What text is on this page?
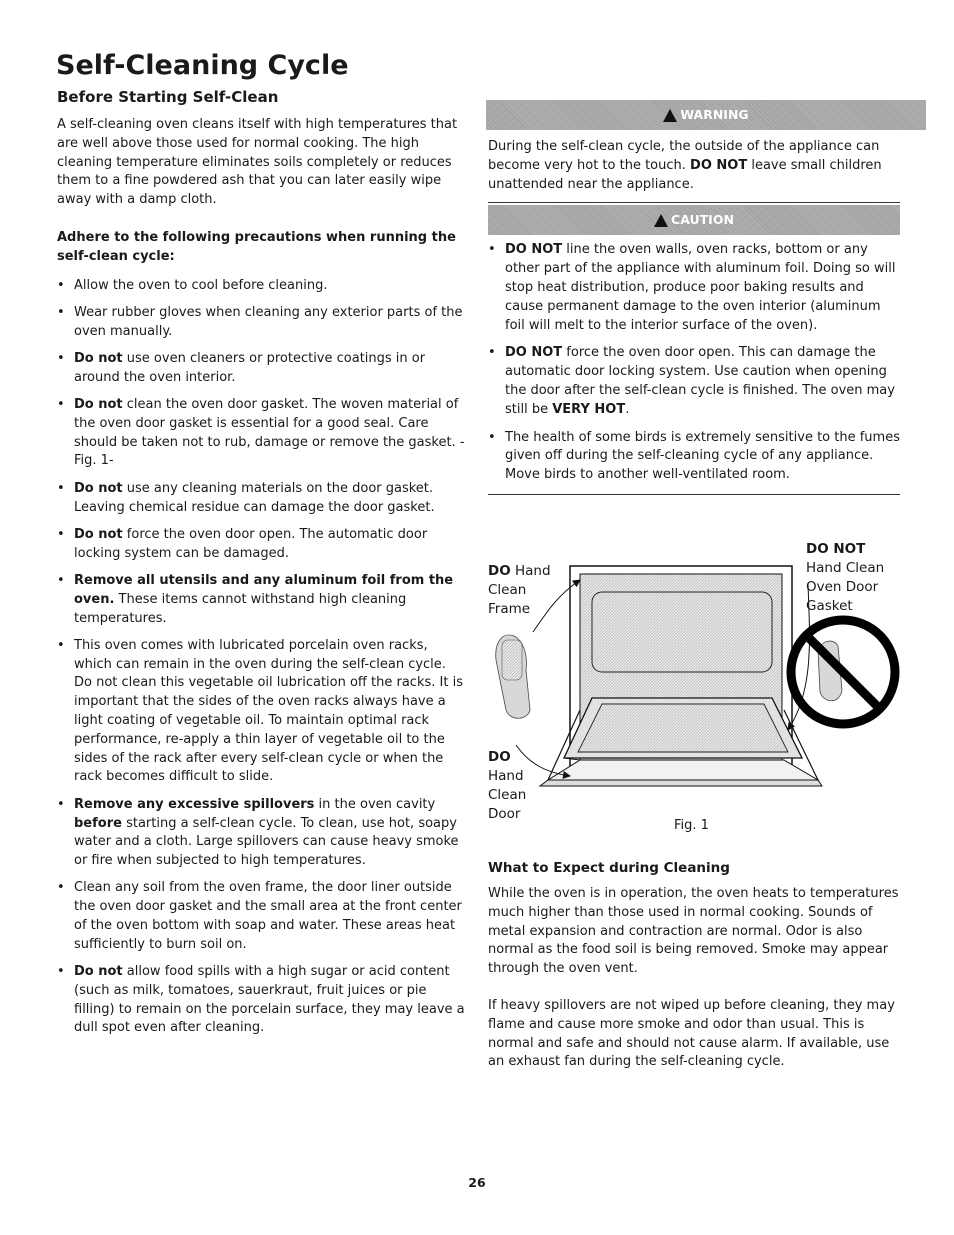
Self-Cleaning Cycle
Before Starting Self-Clean

A self-cleaning oven cleans itself with high temperatures that are well above those used for normal cooking. The high cleaning temperature eliminates soils completely or reduces them to a fine powdered ash that you can later easily wipe away with a damp cloth.

Adhere to the following precautions when running the self-clean cycle:

• Allow the oven to cool before cleaning.
• Wear rubber gloves when cleaning any exterior parts of the oven manually.
• Do not use oven cleaners or protective coatings in or around the oven interior.
• Do not clean the oven door gasket. The woven material of the oven door gasket is essential for a good seal. Care should be taken not to rub, damage or remove the gasket. -Fig. 1-
• Do not use any cleaning materials on the door gasket. Leaving chemical residue can damage the door gasket.
• Do not force the oven door open. The automatic door locking system can be damaged.
• Remove all utensils and any aluminum foil from the oven. These items cannot withstand high cleaning temperatures.
• This oven comes with lubricated porcelain oven racks, which can remain in the oven during the self-clean cycle. Do not clean this vegetable oil lubrication off the racks. It is important that the sides of the oven racks always have a light coating of vegetable oil. To maintain optimal rack performance, re-apply a thin layer of vegetable oil to the sides of the rack after every self-clean cycle or when the rack becomes difficult to slide.
• Remove any excessive spillovers in the oven cavity before starting a self-clean cycle. To clean, use hot, soapy water and a cloth. Large spillovers can cause heavy smoke or fire when subjected to high temperatures.
• Clean any soil from the oven frame, the door liner outside the oven door gasket and the small area at the front center of the oven bottom with soap and water. These areas heat sufficiently to burn soil on.
• Do not allow food spills with a high sugar or acid content (such as milk, tomatoes, sauerkraut, fruit juices or pie filling) to remain on the porcelain surface, they may leave a dull spot even after cleaning.
WARNING

During the self-clean cycle, the outside of the appliance can become very hot to the touch. DO NOT leave small children unattended near the appliance.

CAUTION
• DO NOT line the oven walls, oven racks, bottom or any other part of the appliance with aluminum foil. Doing so will stop heat distribution, produce poor baking results and cause permanent damage to the oven interior (aluminum foil will melt to the interior surface of the oven).
• DO NOT force the oven door open. This can damage the automatic door locking system. Use caution when opening the door after the self-clean cycle is finished. The oven may still be VERY HOT.
• The health of some birds is extremely sensitive to the fumes given off during the self-cleaning cycle of any appliance. Move birds to another well-ventilated room.
DO Hand
Clean
Frame
DO NOT
Hand Clean
Oven Door
Gasket
DO
Hand
Clean
Door
Fig. 1
What to Expect during Cleaning

While the oven is in operation, the oven heats to temperatures much higher than those used in normal cooking. Sounds of metal expansion and contraction are normal. Odor is also normal as the food soil is being removed. Smoke may appear through the oven vent.

If heavy spillovers are not wiped up before cleaning, they may flame and cause more smoke and odor than usual. This is normal and safe and should not cause alarm. If available, use an exhaust fan during the self-cleaning cycle.

26
